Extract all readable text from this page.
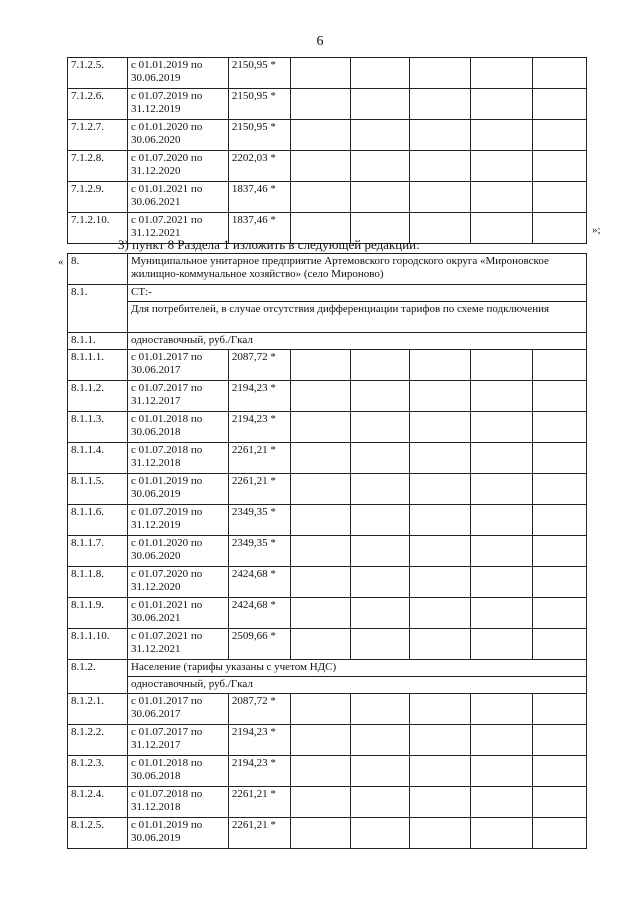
6
7.1.2.5.	с 01.01.2019 по 30.06.2019	2150,95 *					
7.1.2.6.	с 01.07.2019 по 31.12.2019	2150,95 *					
7.1.2.7.	с 01.01.2020 по 30.06.2020	2150,95 *					
7.1.2.8.	с 01.07.2020 по 31.12.2020	2202,03 *					
7.1.2.9.	с 01.01.2021 по 30.06.2021	1837,46 *					
7.1.2.10.	с 01.07.2021 по 31.12.2021	1837,46 *					
»;
3) пункт 8 Раздела 1 изложить в следующей редакции:
« 8.	Муниципальное унитарное предприятие Артемовского городского округа «Мироновское жилищно-коммунальное хозяйство» (село Мироново)						
8.1.	СТ:-						
	Для потребителей, в случае отсутствия дифференциации тарифов по схеме подключения						
8.1.1.	одноставочный, руб./Гкал						
8.1.1.1.	с 01.01.2017 по 30.06.2017	2087,72 *					
8.1.1.2.	с 01.07.2017 по 31.12.2017	2194,23 *					
8.1.1.3.	с 01.01.2018 по 30.06.2018	2194,23 *					
8.1.1.4.	с 01.07.2018 по 31.12.2018	2261,21 *					
8.1.1.5.	с 01.01.2019 по 30.06.2019	2261,21 *					
8.1.1.6.	с 01.07.2019 по 31.12.2019	2349,35 *					
8.1.1.7.	с 01.01.2020 по 30.06.2020	2349,35 *					
8.1.1.8.	с 01.07.2020 по 31.12.2020	2424,68 *					
8.1.1.9.	с 01.01.2021 по 30.06.2021	2424,68 *					
8.1.1.10.	с 01.07.2021 по 31.12.2021	2509,66 *					
8.1.2.	Население (тарифы указаны с учетом НДС)						
	одноставочный, руб./Гкал						
8.1.2.1.	с 01.01.2017 по 30.06.2017	2087,72 *					
8.1.2.2.	с 01.07.2017 по 31.12.2017	2194,23 *					
8.1.2.3.	с 01.01.2018 по 30.06.2018	2194,23 *					
8.1.2.4.	с 01.07.2018 по 31.12.2018	2261,21 *					
8.1.2.5.	с 01.01.2019 по 30.06.2019	2261,21 *					
